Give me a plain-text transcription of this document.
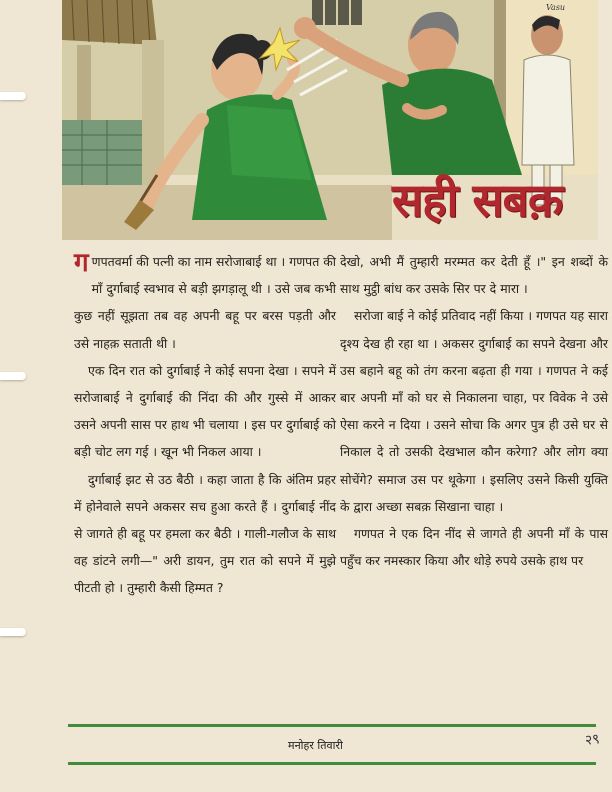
Vasu
सही सबक़

गणपतवर्मा की पत्नी का नाम सरोजाबाई था । गणपत की माँ दुर्गाबाई स्वभाव से बड़ी झगड़ालू थी । उसे जब कभी कुछ नहीं सूझता तब वह अपनी बहू पर बरस पड़ती और उसे नाहक़ सताती थी ।

एक दिन रात को दुर्गाबाई ने कोई सपना देखा । सपने में सरोजाबाई ने दुर्गाबाई की निंदा की और गुस्से में आकर उसने अपनी सास पर हाथ भी चलाया । इस पर दुर्गाबाई को बड़ी चोट लग गई । खून भी निकल आया ।

दुर्गाबाई झट से उठ बैठी । कहा जाता है कि अंतिम प्रहर में होनेवाले सपने अकसर सच हुआ करते हैं । दुर्गाबाई नींद से जागते ही बहू पर हमला कर बैठी । गाली-गलौज के साथ वह डांटने लगी—" अरी डायन, तुम रात को सपने में मुझे पीटती हो । तुम्हारी कैसी हिम्मत ?

देखो, अभी मैं तुम्हारी मरम्मत कर देती हूँ ।" इन शब्दों के साथ मुट्ठी बांध कर उसके सिर पर दे मारा ।

सरोजा बाई ने कोई प्रतिवाद नहीं किया । गणपत यह सारा दृश्य देख ही रहा था । अकसर दुर्गाबाई का सपने देखना और उस बहाने बहू को तंग करना बढ़ता ही गया । गणपत ने कई बार अपनी माँ को घर से निकालना चाहा, पर विवेक ने उसे ऐसा करने न दिया । उसने सोचा कि अगर पुत्र ही उसे घर से निकाल दे तो उसकी देखभाल कौन करेगा? और लोग क्या सोचेंगे? समाज उस पर थूकेगा । इसलिए उसने किसी युक्ति के द्वारा अच्छा सबक़ सिखाना चाहा ।

गणपत ने एक दिन नींद से जागते ही अपनी माँ के पास पहुँच कर नमस्कार किया और थोड़े रुपये उसके हाथ पर

मनोहर तिवारी	२९
